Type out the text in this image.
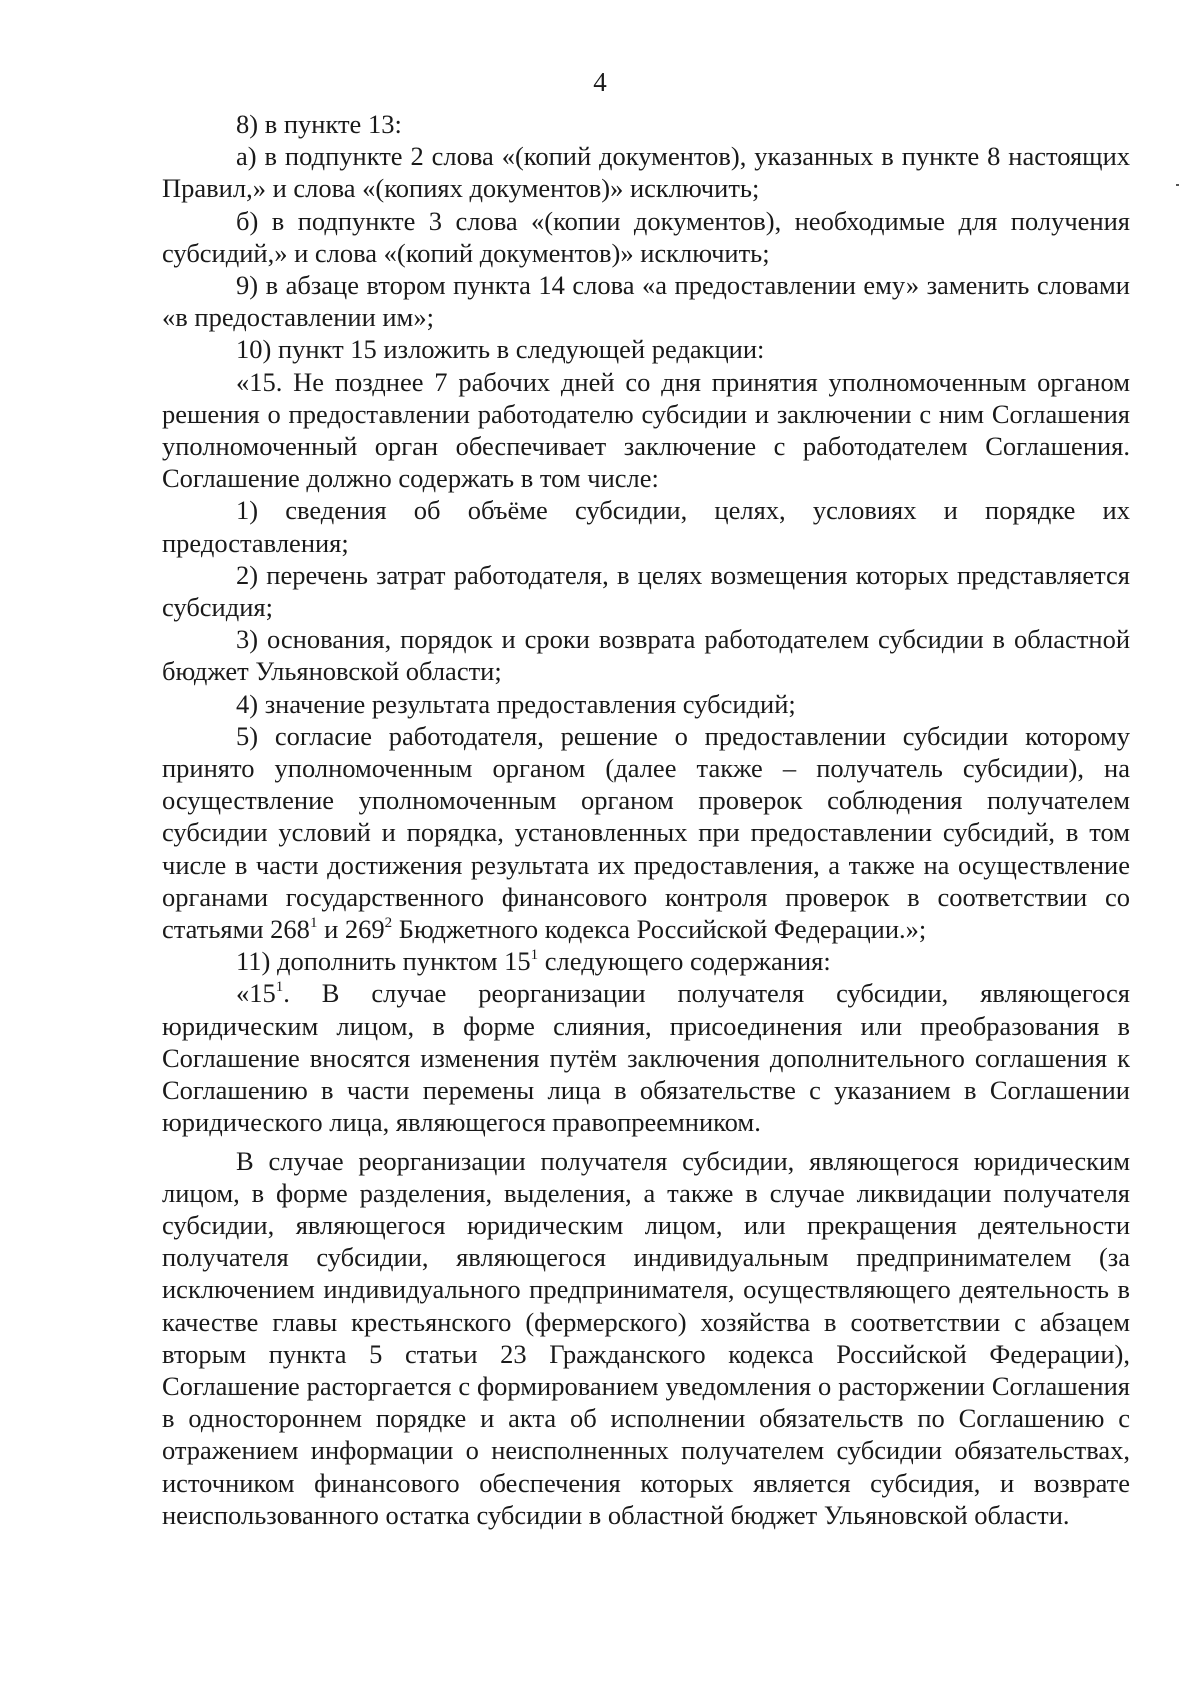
4

8) в пункте 13:

а) в подпункте 2 слова «(копий документов), указанных в пункте 8 настоящих Правил,» и слова «(копиях документов)» исключить;

б) в подпункте 3 слова «(копии документов), необходимые для получения субсидий,» и слова «(копий документов)» исключить;

9) в абзаце втором пункта 14 слова «а предоставлении ему» заменить словами «в предоставлении им»;

10) пункт 15 изложить в следующей редакции:

«15. Не позднее 7 рабочих дней со дня принятия уполномоченным органом решения о предоставлении работодателю субсидии и заключении с ним Соглашения уполномоченный орган обеспечивает заключение с работодателем Соглашения. Соглашение должно содержать в том числе:

1) сведения об объёме субсидии, целях, условиях и порядке их предоставления;

2) перечень затрат работодателя, в целях возмещения которых представляется субсидия;

3) основания, порядок и сроки возврата работодателем субсидии в областной бюджет Ульяновской области;

4) значение результата предоставления субсидий;

5) согласие работодателя, решение о предоставлении субсидии которому принято уполномоченным органом (далее также – получатель субсидии), на осуществление уполномоченным органом проверок соблюдения получателем субсидии условий и порядка, установленных при предоставлении субсидий, в том числе в части достижения результата их предоставления, а также на осуществление органами государственного финансового контроля проверок в соответствии со статьями $268^1$ и $269^2$ Бюджетного кодекса Российской Федерации.»;

11) дополнить пунктом $15^1$ следующего содержания:

«$15^1$. В случае реорганизации получателя субсидии, являющегося юридическим лицом, в форме слияния, присоединения или преобразования в Соглашение вносятся изменения путём заключения дополнительного соглашения к Соглашению в части перемены лица в обязательстве с указанием в Соглашении юридического лица, являющегося правопреемником.

В случае реорганизации получателя субсидии, являющегося юридическим лицом, в форме разделения, выделения, а также в случае ликвидации получателя субсидии, являющегося юридическим лицом, или прекращения деятельности получателя субсидии, являющегося индивидуальным предпринимателем (за исключением индивидуального предпринимателя, осуществляющего деятельность в качестве главы крестьянского (фермерского) хозяйства в соответствии с абзацем вторым пункта 5 статьи 23 Гражданского кодекса Российской Федерации), Соглашение расторгается с формированием уведомления о расторжении Соглашения в одностороннем порядке и акта об исполнении обязательств по Соглашению с отражением информации о неисполненных получателем субсидии обязательствах, источником финансового обеспечения которых является субсидия, и возврате неиспользованного остатка субсидии в областной бюджет Ульяновской области.
